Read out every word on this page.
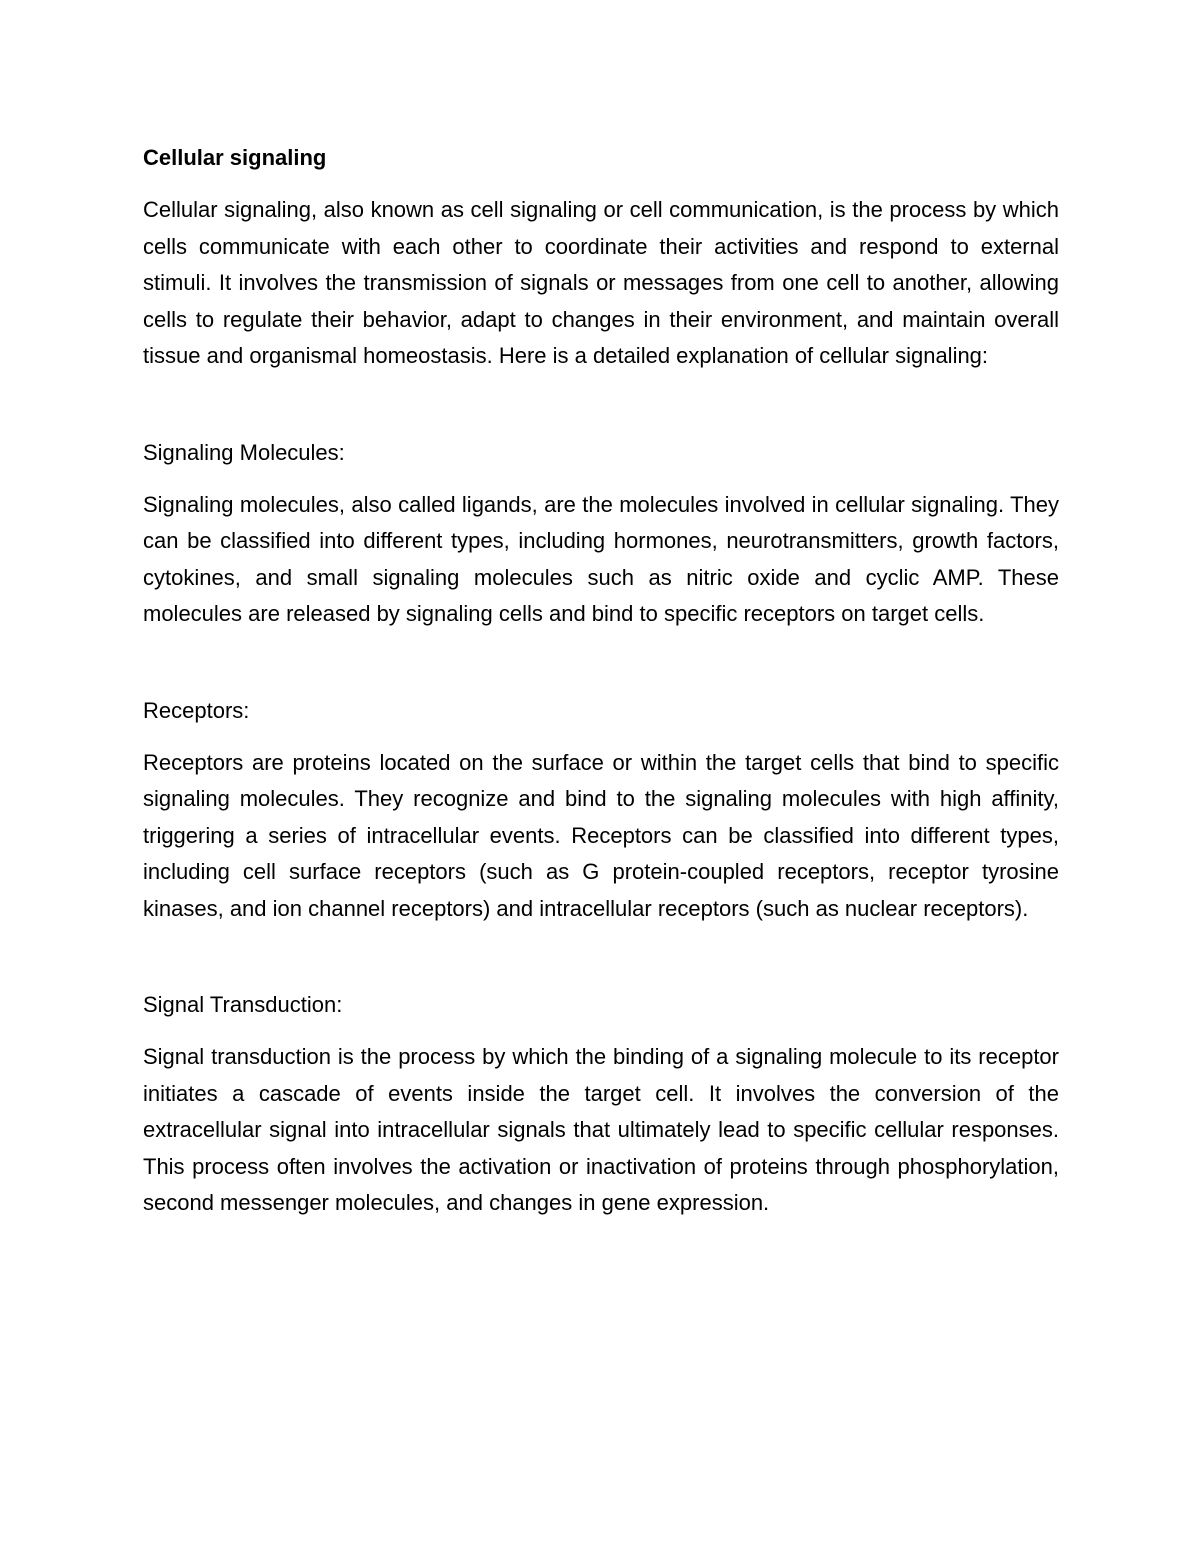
Cellular signaling

Cellular signaling, also known as cell signaling or cell communication, is the process by which cells communicate with each other to coordinate their activities and respond to external stimuli. It involves the transmission of signals or messages from one cell to another, allowing cells to regulate their behavior, adapt to changes in their environment, and maintain overall tissue and organismal homeostasis. Here is a detailed explanation of cellular signaling:

Signaling Molecules:

Signaling molecules, also called ligands, are the molecules involved in cellular signaling. They can be classified into different types, including hormones, neurotransmitters, growth factors, cytokines, and small signaling molecules such as nitric oxide and cyclic AMP. These molecules are released by signaling cells and bind to specific receptors on target cells.

Receptors:

Receptors are proteins located on the surface or within the target cells that bind to specific signaling molecules. They recognize and bind to the signaling molecules with high affinity, triggering a series of intracellular events. Receptors can be classified into different types, including cell surface receptors (such as G protein-coupled receptors, receptor tyrosine kinases, and ion channel receptors) and intracellular receptors (such as nuclear receptors).

Signal Transduction:

Signal transduction is the process by which the binding of a signaling molecule to its receptor initiates a cascade of events inside the target cell. It involves the conversion of the extracellular signal into intracellular signals that ultimately lead to specific cellular responses. This process often involves the activation or inactivation of proteins through phosphorylation, second messenger molecules, and changes in gene expression.
